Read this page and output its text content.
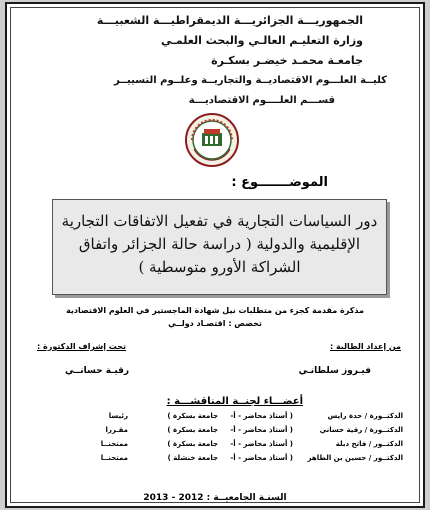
الجمهوريـــة الجزائريـــة الديمقراطيـــة الشعبيـــة
وزارة التعليـم العالـي والبحث العلمـي
جامعـة محمـد خيضـر بسكـرة
كليــة العلـــوم الاقتصاديــة والتجاريــة وعلــوم التسييــر
قســـم العلــــوم الاقتصاديـــة
الموضـــــــوع :
دور السياسات التجارية في تفعيل الاتفاقات التجارية الإقليمية والدولية ( دراسة حالة الجزائر واتفاق الشراكة الأورو متوسطية )
مذكرة مقدمة كجزء من متطلبات نيل شهادة الماجستير في العلوم الاقتصادية
تخصص : اقتصـاد دولــي
من إعداد الطالبة :
تحت إشراف الدكتورة :
فيـروز سلطانـي
رقيـة حسانــي
أعضـــاء لجنــة المناقشـــة :
الدكتــورة / حدة رايس
( أستاذ محاضر - أ-
جامعة بسكرة )
رئيسا
الدكتــورة / رقية حساني
( أستاذ محاضر - أ-
جامعة بسكرة )
مقـررا
الدكتــور / فاتح دبلة
( أستاذ محاضر - أ-
جامعة بسكرة )
ممتحنــا
الدكتــور / حسين بن الطاهر
( أستاذ محاضر - أ-
جامعة خنشلة )
ممتحنــا
السنـة الجامعيــة : 2012 - 2013
